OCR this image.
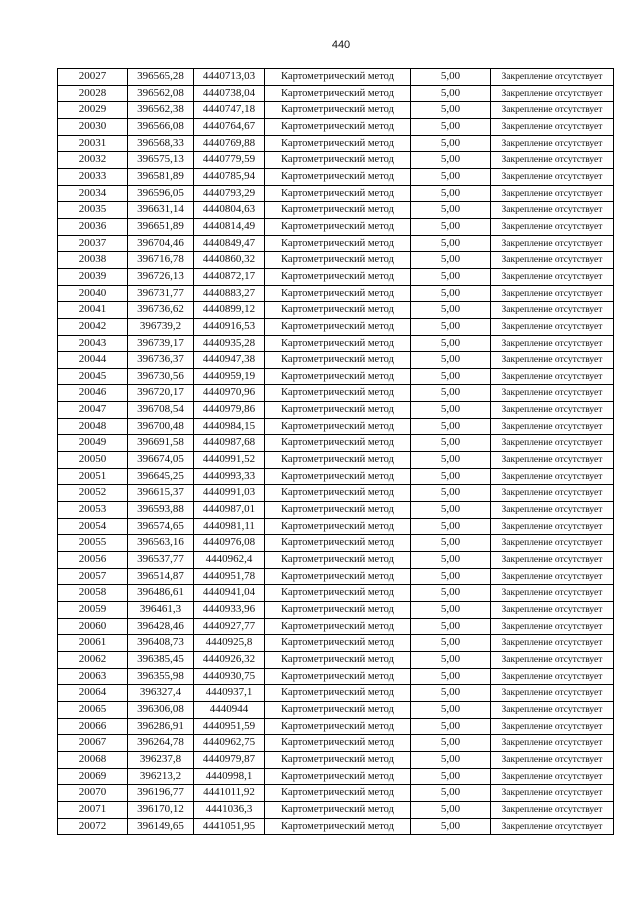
440
20027	396565,28	4440713,03	Картометрический метод	5,00	Закрепление отсутствует
20028	396562,08	4440738,04	Картометрический метод	5,00	Закрепление отсутствует
20029	396562,38	4440747,18	Картометрический метод	5,00	Закрепление отсутствует
20030	396566,08	4440764,67	Картометрический метод	5,00	Закрепление отсутствует
20031	396568,33	4440769,88	Картометрический метод	5,00	Закрепление отсутствует
20032	396575,13	4440779,59	Картометрический метод	5,00	Закрепление отсутствует
20033	396581,89	4440785,94	Картометрический метод	5,00	Закрепление отсутствует
20034	396596,05	4440793,29	Картометрический метод	5,00	Закрепление отсутствует
20035	396631,14	4440804,63	Картометрический метод	5,00	Закрепление отсутствует
20036	396651,89	4440814,49	Картометрический метод	5,00	Закрепление отсутствует
20037	396704,46	4440849,47	Картометрический метод	5,00	Закрепление отсутствует
20038	396716,78	4440860,32	Картометрический метод	5,00	Закрепление отсутствует
20039	396726,13	4440872,17	Картометрический метод	5,00	Закрепление отсутствует
20040	396731,77	4440883,27	Картометрический метод	5,00	Закрепление отсутствует
20041	396736,62	4440899,12	Картометрический метод	5,00	Закрепление отсутствует
20042	396739,2	4440916,53	Картометрический метод	5,00	Закрепление отсутствует
20043	396739,17	4440935,28	Картометрический метод	5,00	Закрепление отсутствует
20044	396736,37	4440947,38	Картометрический метод	5,00	Закрепление отсутствует
20045	396730,56	4440959,19	Картометрический метод	5,00	Закрепление отсутствует
20046	396720,17	4440970,96	Картометрический метод	5,00	Закрепление отсутствует
20047	396708,54	4440979,86	Картометрический метод	5,00	Закрепление отсутствует
20048	396700,48	4440984,15	Картометрический метод	5,00	Закрепление отсутствует
20049	396691,58	4440987,68	Картометрический метод	5,00	Закрепление отсутствует
20050	396674,05	4440991,52	Картометрический метод	5,00	Закрепление отсутствует
20051	396645,25	4440993,33	Картометрический метод	5,00	Закрепление отсутствует
20052	396615,37	4440991,03	Картометрический метод	5,00	Закрепление отсутствует
20053	396593,88	4440987,01	Картометрический метод	5,00	Закрепление отсутствует
20054	396574,65	4440981,11	Картометрический метод	5,00	Закрепление отсутствует
20055	396563,16	4440976,08	Картометрический метод	5,00	Закрепление отсутствует
20056	396537,77	4440962,4	Картометрический метод	5,00	Закрепление отсутствует
20057	396514,87	4440951,78	Картометрический метод	5,00	Закрепление отсутствует
20058	396486,61	4440941,04	Картометрический метод	5,00	Закрепление отсутствует
20059	396461,3	4440933,96	Картометрический метод	5,00	Закрепление отсутствует
20060	396428,46	4440927,77	Картометрический метод	5,00	Закрепление отсутствует
20061	396408,73	4440925,8	Картометрический метод	5,00	Закрепление отсутствует
20062	396385,45	4440926,32	Картометрический метод	5,00	Закрепление отсутствует
20063	396355,98	4440930,75	Картометрический метод	5,00	Закрепление отсутствует
20064	396327,4	4440937,1	Картометрический метод	5,00	Закрепление отсутствует
20065	396306,08	4440944	Картометрический метод	5,00	Закрепление отсутствует
20066	396286,91	4440951,59	Картометрический метод	5,00	Закрепление отсутствует
20067	396264,78	4440962,75	Картометрический метод	5,00	Закрепление отсутствует
20068	396237,8	4440979,87	Картометрический метод	5,00	Закрепление отсутствует
20069	396213,2	4440998,1	Картометрический метод	5,00	Закрепление отсутствует
20070	396196,77	4441011,92	Картометрический метод	5,00	Закрепление отсутствует
20071	396170,12	4441036,3	Картометрический метод	5,00	Закрепление отсутствует
20072	396149,65	4441051,95	Картометрический метод	5,00	Закрепление отсутствует
